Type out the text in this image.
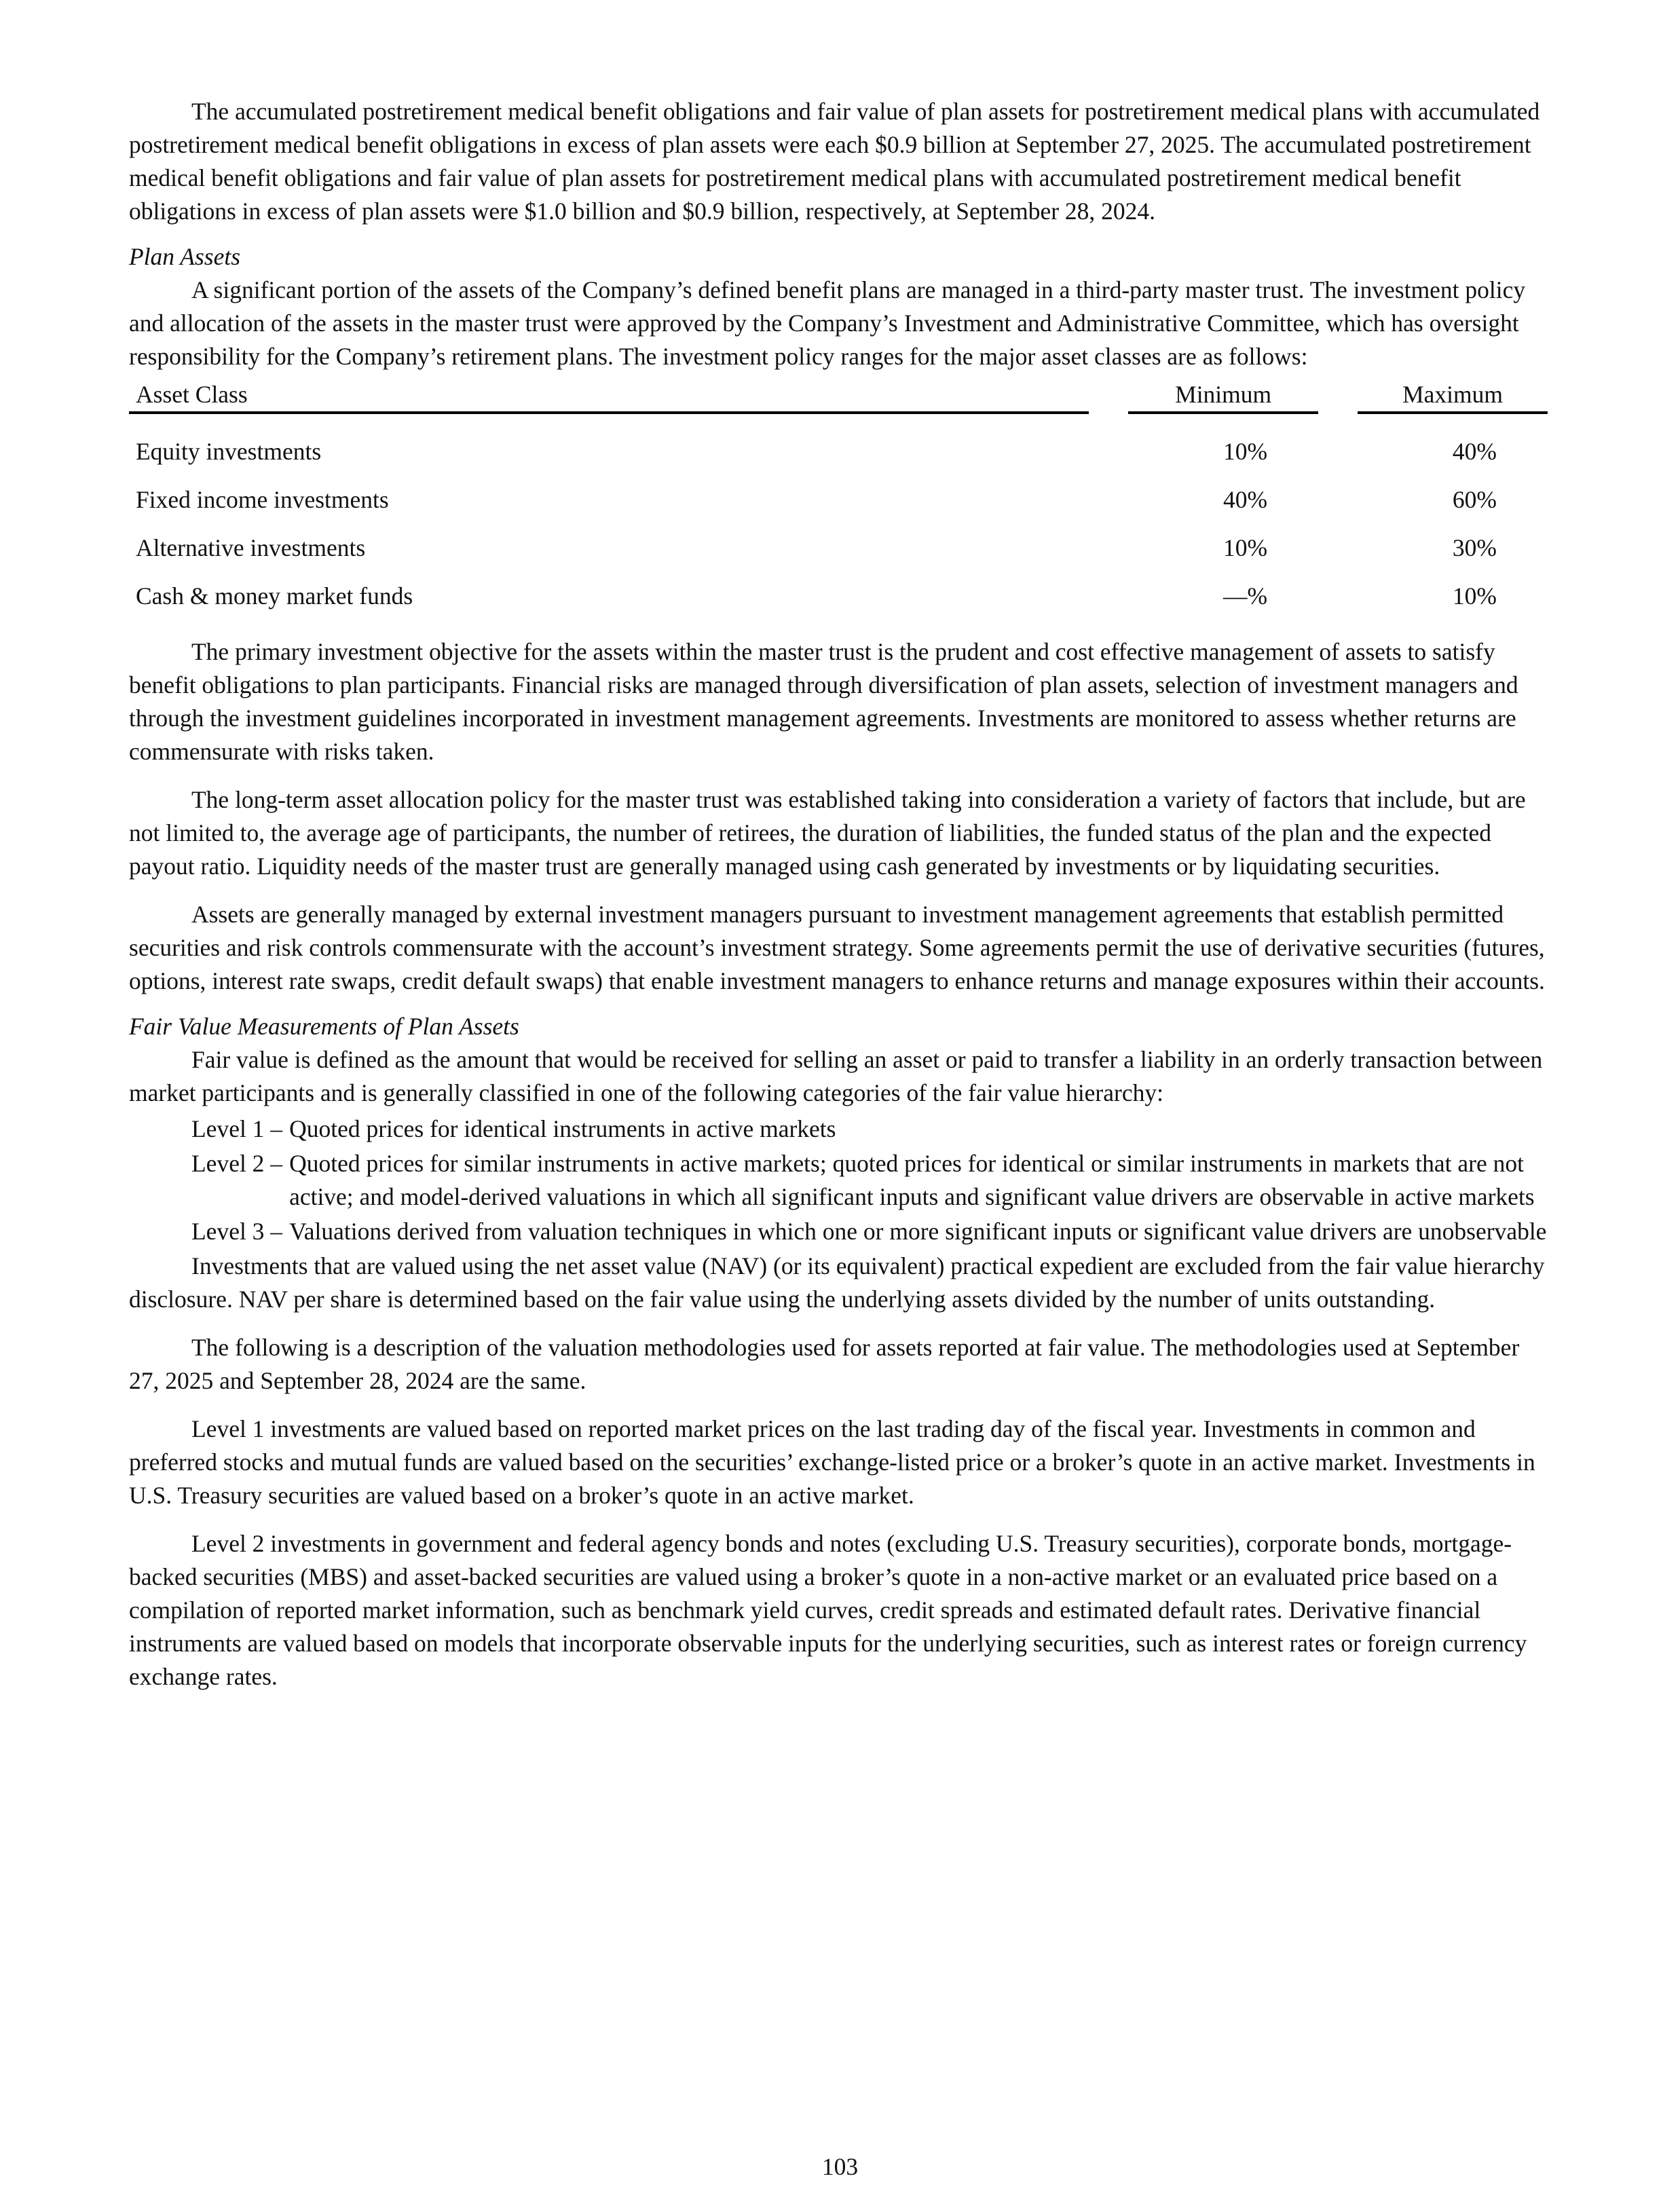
The accumulated postretirement medical benefit obligations and fair value of plan assets for postretirement medical plans with accumulated postretirement medical benefit obligations in excess of plan assets were each $0.9 billion at September 27, 2025. The accumulated postretirement medical benefit obligations and fair value of plan assets for postretirement medical plans with accumulated postretirement medical benefit obligations in excess of plan assets were $1.0 billion and $0.9 billion, respectively, at September 28, 2024.

Plan Assets

A significant portion of the assets of the Company’s defined benefit plans are managed in a third-party master trust. The investment policy and allocation of the assets in the master trust were approved by the Company’s Investment and Administrative Committee, which has oversight responsibility for the Company’s retirement plans. The investment policy ranges for the major asset classes are as follows:

Asset Class		Minimum		Maximum
Equity investments		10%		40%
Fixed income investments		40%		60%
Alternative investments		10%		30%
Cash & money market funds		—%		10%

The primary investment objective for the assets within the master trust is the prudent and cost effective management of assets to satisfy benefit obligations to plan participants. Financial risks are managed through diversification of plan assets, selection of investment managers and through the investment guidelines incorporated in investment management agreements. Investments are monitored to assess whether returns are commensurate with risks taken.

The long-term asset allocation policy for the master trust was established taking into consideration a variety of factors that include, but are not limited to, the average age of participants, the number of retirees, the duration of liabilities, the funded status of the plan and the expected payout ratio. Liquidity needs of the master trust are generally managed using cash generated by investments or by liquidating securities.

Assets are generally managed by external investment managers pursuant to investment management agreements that establish permitted securities and risk controls commensurate with the account’s investment strategy. Some agreements permit the use of derivative securities (futures, options, interest rate swaps, credit default swaps) that enable investment managers to enhance returns and manage exposures within their accounts.

Fair Value Measurements of Plan Assets

Fair value is defined as the amount that would be received for selling an asset or paid to transfer a liability in an orderly transaction between market participants and is generally classified in one of the following categories of the fair value hierarchy:

Level 1 – Quoted prices for identical instruments in active markets
Level 2 – Quoted prices for similar instruments in active markets; quoted prices for identical or similar instruments in markets that are not active; and model-derived valuations in which all significant inputs and significant value drivers are observable in active markets
Level 3 – Valuations derived from valuation techniques in which one or more significant inputs or significant value drivers are unobservable

Investments that are valued using the net asset value (NAV) (or its equivalent) practical expedient are excluded from the fair value hierarchy disclosure. NAV per share is determined based on the fair value using the underlying assets divided by the number of units outstanding.

The following is a description of the valuation methodologies used for assets reported at fair value. The methodologies used at September 27, 2025 and September 28, 2024 are the same.

Level 1 investments are valued based on reported market prices on the last trading day of the fiscal year. Investments in common and preferred stocks and mutual funds are valued based on the securities’ exchange-listed price or a broker’s quote in an active market. Investments in U.S. Treasury securities are valued based on a broker’s quote in an active market.

Level 2 investments in government and federal agency bonds and notes (excluding U.S. Treasury securities), corporate bonds, mortgage-backed securities (MBS) and asset-backed securities are valued using a broker’s quote in a non-active market or an evaluated price based on a compilation of reported market information, such as benchmark yield curves, credit spreads and estimated default rates. Derivative financial instruments are valued based on models that incorporate observable inputs for the underlying securities, such as interest rates or foreign currency exchange rates.

103
